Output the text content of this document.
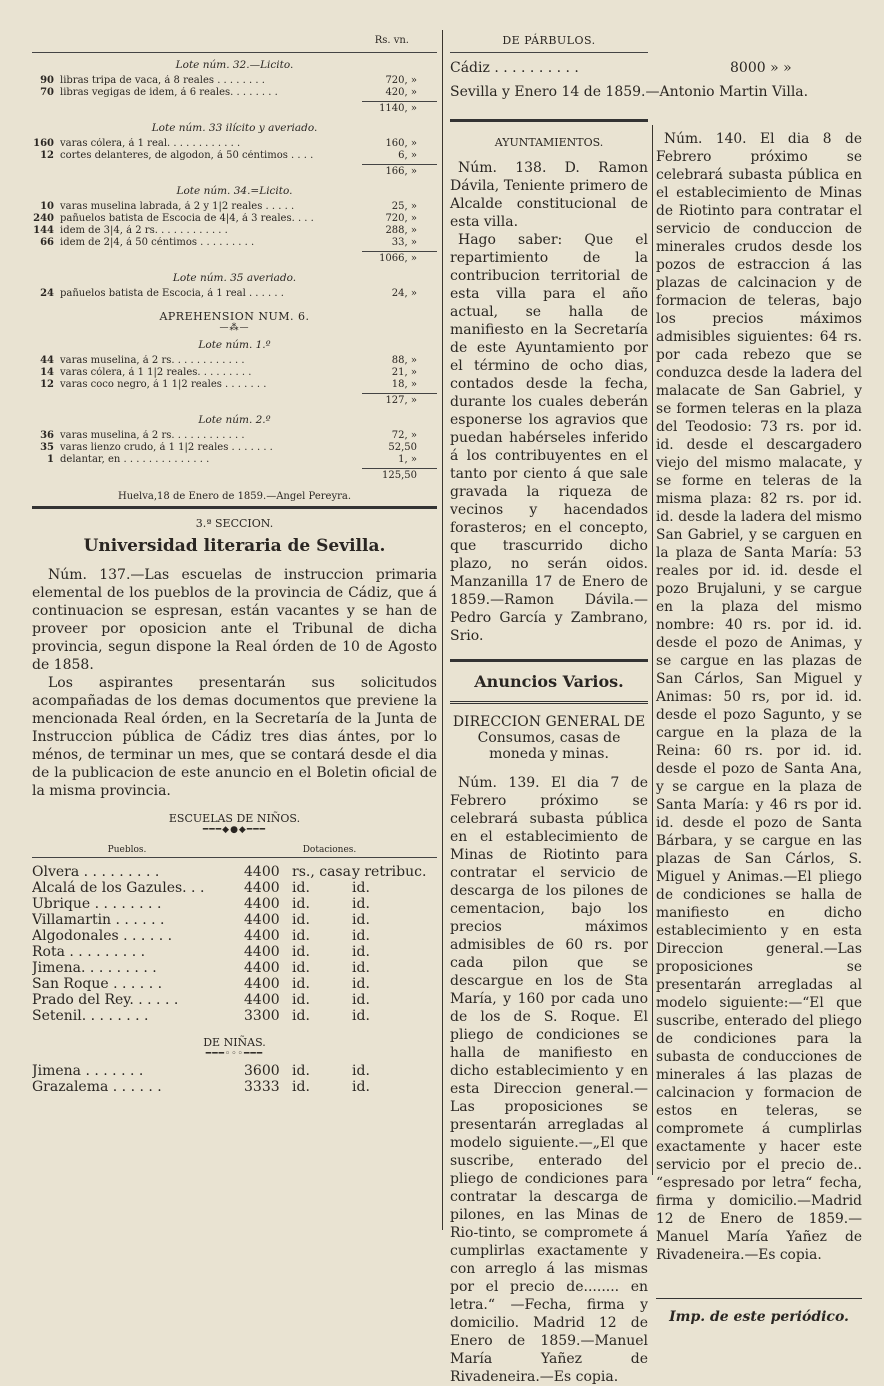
Rs. vn.
Lote núm. 32.—Licito.
90 libras tripa de vaca, á 8 reales . . . . . . . .	720, »
70 libras vegigas de idem, á 6 reales. . . . . . . .	420, »
1140, »
Lote núm. 33 ilícito y averiado.
160 varas cólera, á 1 real. . . . . . . . . . . .	160, »
12 cortes delanteres, de algodon, á 50 céntimos . . . .	6, »
166, »
Lote núm. 34.=Licito.
10 varas muselina labrada, á 2 y 1|2 reales . . . . .	25, »
240 pañuelos batista de Escocia de 4|4, á 3 reales. . . .	720, »
144 idem de 3|4, á 2 rs. . . . . . . . . . . .	288, »
66 idem de 2|4, á 50 céntimos . . . . . . . . .	33, »
1066, »
Lote núm. 35 averiado.
24 pañuelos batista de Escocia, á 1 real . . . . . .	24, »
APREHENSION NUM. 6.
—⁂—
Lote núm. 1.º
44 varas muselina, á 2 rs. . . . . . . . . . . .	88, »
14 varas cólera, á 1 1|2 reales. . . . . . . . .	21, »
12 varas coco negro, á 1 1|2 reales . . . . . . .	18, »
127, »
Lote núm. 2.º
36 varas muselina, á 2 rs. . . . . . . . . . . .	72, »
35 varas lienzo crudo, á 1 1|2 reales . . . . . . .	52,50
1 delantar, en . . . . . . . . . . . . . .	1, »
125,50
Huelva,18 de Enero de 1859.—Angel Pereyra.
3.ª SECCION.
Universidad literaria de Sevilla.

Núm. 137.—Las escuelas de instruccion primaria elemental de los pueblos de la provincia de Cádiz, que á continuacion se espresan, están vacantes y se han de proveer por oposicion ante el Tribunal de dicha provincia, segun dispone la Real órden de 10 de Agosto de 1858.

Los aspirantes presentarán sus solicitudos acompañadas de los demas documentos que previene la mencionada Real órden, en la Secretaría de la Junta de Instruccion pública de Cádiz tres dias ántes, por lo ménos, de terminar un mes, que se contará desde el dia de la publicacion de este anuncio en el Boletin oficial de la misma provincia.

ESCUELAS DE NIÑOS.
━━━◆●◆━━━
Pueblos.	Dotaciones.
Olvera . . . . . . . . .	4400 rs., casa y retribuc.
Alcalá de los Gazules. . .	4400 id.	id.
Ubrique . . . . . . . .	4400 id.	id.
Villamartin . . . . . .	4400 id.	id.
Algodonales . . . . . .	4400 id.	id.
Rota . . . . . . . . .	4400 id.	id.
Jimena. . . . . . . . .	4400 id.	id.
San Roque . . . . . .	4400 id.	id.
Prado del Rey. . . . . .	4400 id.	id.
Setenil. . . . . . . .	3300 id.	id.
DE NIÑAS.
━━━◦◦◦━━━
Jimena . . . . . . .	3600 id.	id.
Grazalema . . . . . .	3333 id.	id.
DE PÁRBULOS.
Cádiz . . . . . . . . . .	8000 » »
Sevilla y Enero 14 de 1859.—Antonio Martin Villa.
AYUNTAMIENTOS.

Núm. 138. D. Ramon Dávila, Teniente primero de Alcalde constitucional de esta villa.

Hago saber: Que el repartimiento de la contribucion territorial de esta villa para el año actual, se halla de manifiesto en la Secretaría de este Ayuntamiento por el término de ocho dias, contados desde la fecha, durante los cuales deberán esponerse los agravios que puedan habérseles inferido á los contribuyentes en el tanto por ciento á que sale gravada la riqueza de vecinos y hacendados forasteros; en el concepto, que trascurrido dicho plazo, no serán oidos. Manzanilla 17 de Enero de 1859.—Ramon Dávila.—Pedro García y Zambrano, Srio.

Anuncios Varios.
DIRECCION GENERAL DE Consumos, casas de moneda y minas.

Núm. 139. El dia 7 de Febrero próximo se celebrará subasta pública en el establecimiento de Minas de Riotinto para contratar el servicio de descarga de los pilones de cementacion, bajo los precios máximos admisibles de 60 rs. por cada pilon que se descargue en los de Sta María, y 160 por cada uno de los de S. Roque. El pliego de condiciones se halla de manifiesto en dicho establecimiento y en esta Direccion general.—Las proposiciones se presentarán arregladas al modelo siguiente.—„El que suscribe, enterado del pliego de condiciones para contratar la descarga de pilones, en las Minas de Rio-tinto, se compromete á cumplirlas exactamente y con arreglo á las mismas por el precio de........ en letra.“ —Fecha, firma y domicilio. Madrid 12 de Enero de 1859.—Manuel María Yañez de Rivadeneira.—Es copia.

Núm. 140. El dia 8 de Febrero próximo se celebrará subasta pública en el establecimiento de Minas de Riotinto para contratar el servicio de conduccion de minerales crudos desde los pozos de estraccion á las plazas de calcinacion y de formacion de teleras, bajo los precios máximos admisibles siguientes: 64 rs. por cada rebezo que se conduzca desde la ladera del malacate de San Gabriel, y se formen teleras en la plaza del Teodosio: 73 rs. por id. id. desde el descargadero viejo del mismo malacate, y se forme en teleras de la misma plaza: 82 rs. por id. id. desde la ladera del mismo San Gabriel, y se carguen en la plaza de Santa María: 53 reales por id. id. desde el pozo Brujaluni, y se cargue en la plaza del mismo nombre: 40 rs. por id. id. desde el pozo de Animas, y se cargue en las plazas de San Cárlos, San Miguel y Animas: 50 rs, por id. id. desde el pozo Sagunto, y se cargue en la plaza de la Reina: 60 rs. por id. id. desde el pozo de Santa Ana, y se cargue en la plaza de Santa María: y 46 rs por id. id. desde el pozo de Santa Bárbara, y se cargue en las plazas de San Cárlos, S. Miguel y Animas.—El pliego de condiciones se halla de manifiesto en dicho establecimiento y en esta Direccion general.—Las proposiciones se presentarán arregladas al modelo siguiente:—“El que suscribe, enterado del pliego de condiciones para la subasta de conducciones de minerales á las plazas de calcinacion y formacion de estos en teleras, se compromete á cumplirlas exactamente y hacer este servicio por el precio de.. “espresado por letra“ fecha, firma y domicilio.—Madrid 12 de Enero de 1859.—Manuel María Yañez de Rivadeneira.—Es copia.

Imp. de este periódico.
